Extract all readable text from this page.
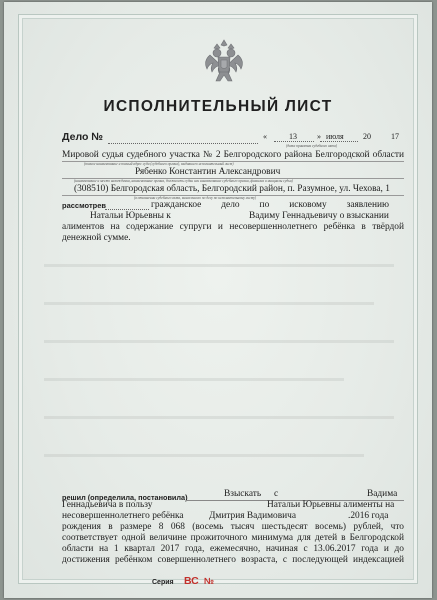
ИСПОЛНИТЕЛЬНЫЙ ЛИСТ
Дело №	«	13	» июля 20	17
(дата принятия судебного акта)
Мировой судья судебного участка № 2 Белгородского района Белгородской области
(полное наименование и полный адрес суда (судебного органа), выдавшего исполнительный лист)
Рябенко Константин Александрович
(наименование и место нахождения, наименование органа, должность судьи или наименование судебного органа, фамилия и инициалы судьи)
(308510) Белгородская область, Белгородский район, п. Разумное, ул. Чехова, 1
(в отношении судебного акта, вынесенного по делу по исполнительному листу)
рассмотрев	гражданское дело по исковому заявлению
Натальи Юрьевны к	Вадиму Геннадьевичу о взыскании
алиментов на содержание супруги и несовершеннолетнего ребёнка в твёрдой
денежной сумме.
решил (определила, постановила)	Взыскать с	Вадима
Геннадьевича в пользу	Натальи Юрьевны алименты на
несовершеннолетнего ребёнка	Дмитрия Вадимовича	.2016 года
рождения в размере 8 068 (восемь тысяч шестьдесят восемь) рублей, что
соответствует одной величине прожиточного минимума для детей в Белгородской
области на 1 квартал 2017 года, ежемесячно, начиная с 13.06.2017 года и до
достижения ребёнком совершеннолетнего возраста, с последующей индексацией
Серия ВС №
